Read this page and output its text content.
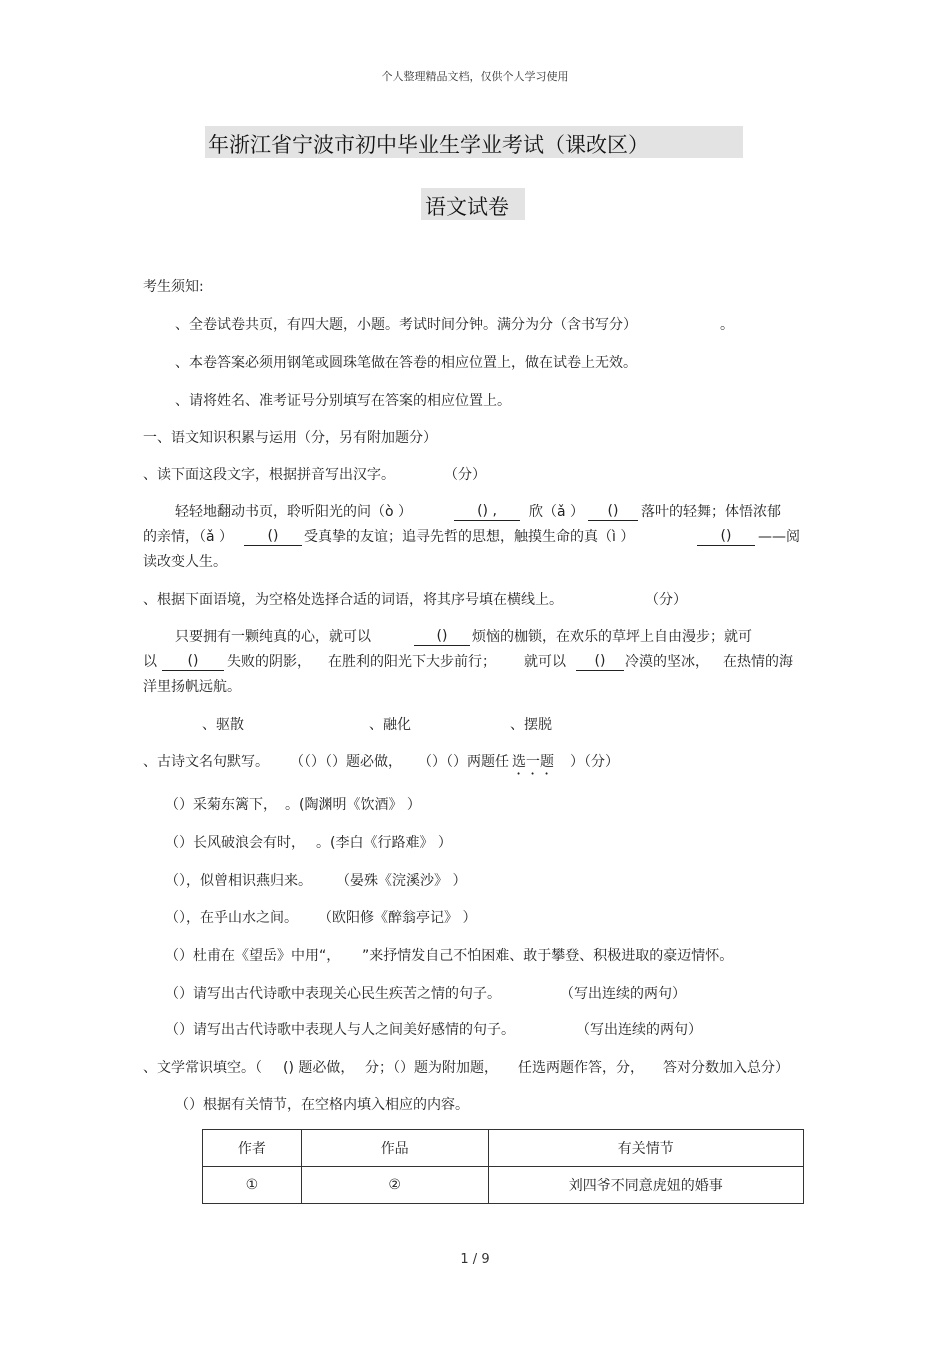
个人整理精品文档，仅供个人学习使用
年浙江省宁波市初中毕业生学业考试（课改区）
语文试卷
考生须知:
、全卷试卷共页，有四大题，小题。考试时间分钟。满分为分（含书写分）	。
、本卷答案必须用钢笔或圆珠笔做在答卷的相应位置上，做在试卷上无效。
、请将姓名、准考证号分别填写在答案的相应位置上。
一、语文知识积累与运用（分，另有附加题分）
、读下面这段文字，根据拼音写出汉字。	（分）
轻轻地翻动书页，聆听阳光的问（ò ）	() ,	欣（ǎ ）	()	落叶的轻舞；体悟浓郁
的亲情，（ǎ ）	()	受真挚的友谊；追寻先哲的思想，触摸生命的真（ì ）	()	——阅
读改变人生。
、根据下面语境，为空格处选择合适的词语，将其序号填在横线上。	（分）
只要拥有一颗纯真的心，就可以	()	烦恼的枷锁，在欢乐的草坪上自由漫步；就可
以	()	失败的阴影， 在胜利的阳光下大步前行； 就可以	()	冷漠的坚冰， 在热情的海
洋里扬帆远航。
、驱散	、融化	、摆脱
、古诗文名句默写。 （（）（）题必做， （）（）两题任 选一题 ）（分）
（）采菊东篱下， 。(陶渊明《饮酒》 ）
（）长风破浪会有时， 。(李白《行路难》 ）
（），似曾相识燕归来。 （晏殊《浣溪沙》 ）
（），在乎山水之间。 （欧阳修《醉翁亭记》 ）
（）杜甫在《望岳》中用“， ”来抒情发自己不怕困难、敢于攀登、积极进取的豪迈情怀。
（）请写出古代诗歌中表现关心民生疾苦之情的句子。	（写出连续的两句）
（）请写出古代诗歌中表现人与人之间美好感情的句子。	（写出连续的两句）
、文学常识填空。（ () 题必做， 分；（）题为附加题， 任选两题作答，分， 答对分数加入总分）
（）根据有关情节，在空格内填入相应的内容。
作者	作品	有关情节
①	②	刘四爷不同意虎妞的婚事
1 / 9
